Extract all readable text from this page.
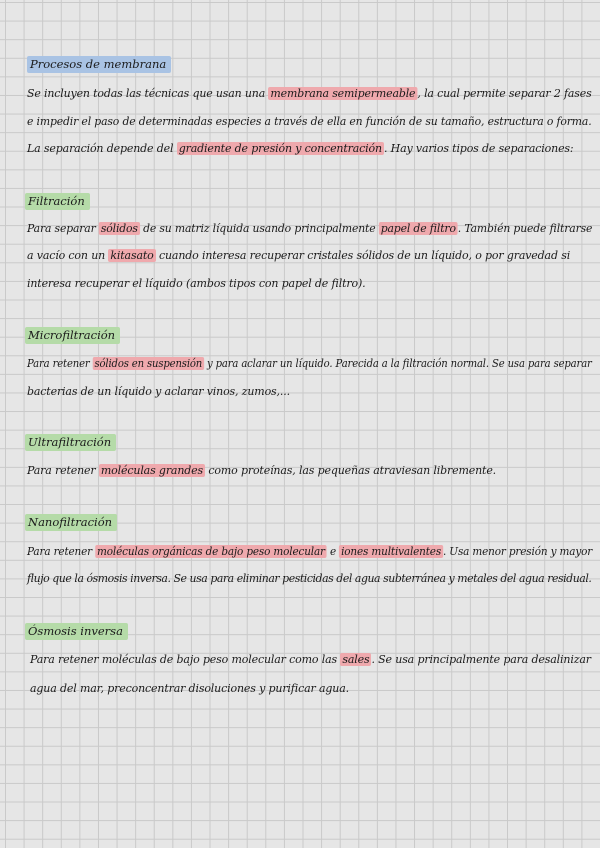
Procesos de membrana
Se incluyen todas las técnicas que usan una membrana semipermeable , la cual permite separar 2 fases
e impedir el paso de determinadas especies a través de ella en función de su tamaño, estructura o forma.
La separación depende del gradiente de presión y concentración . Hay varios tipos de separaciones:
Filtración
Para separar sólidos de su matriz líquida usando principalmente papel de filtro . También puede filtrarse
a vacío con un kitasato cuando interesa recuperar cristales sólidos de un líquido, o por gravedad si
interesa recuperar el líquido (ambos tipos con papel de filtro).
Microfiltración
Para retener sólidos en suspensión y para aclarar un líquido. Parecida a la filtración normal. Se usa para separar
bacterias de un líquido y aclarar vinos, zumos,...
Ultrafiltración
Para retener moléculas grandes como proteínas, las pequeñas atraviesan libremente.
Nanofiltración
Para retener moléculas orgánicas de bajo peso molecular e iones multivalentes . Usa menor presión y mayor
flujo que la ósmosis inversa. Se usa para eliminar pesticidas del agua subterránea y metales del agua residual.
Ósmosis inversa
Para retener moléculas de bajo peso molecular como las sales . Se usa principalmente para desalinizar
agua del mar, preconcentrar disoluciones y purificar agua.
